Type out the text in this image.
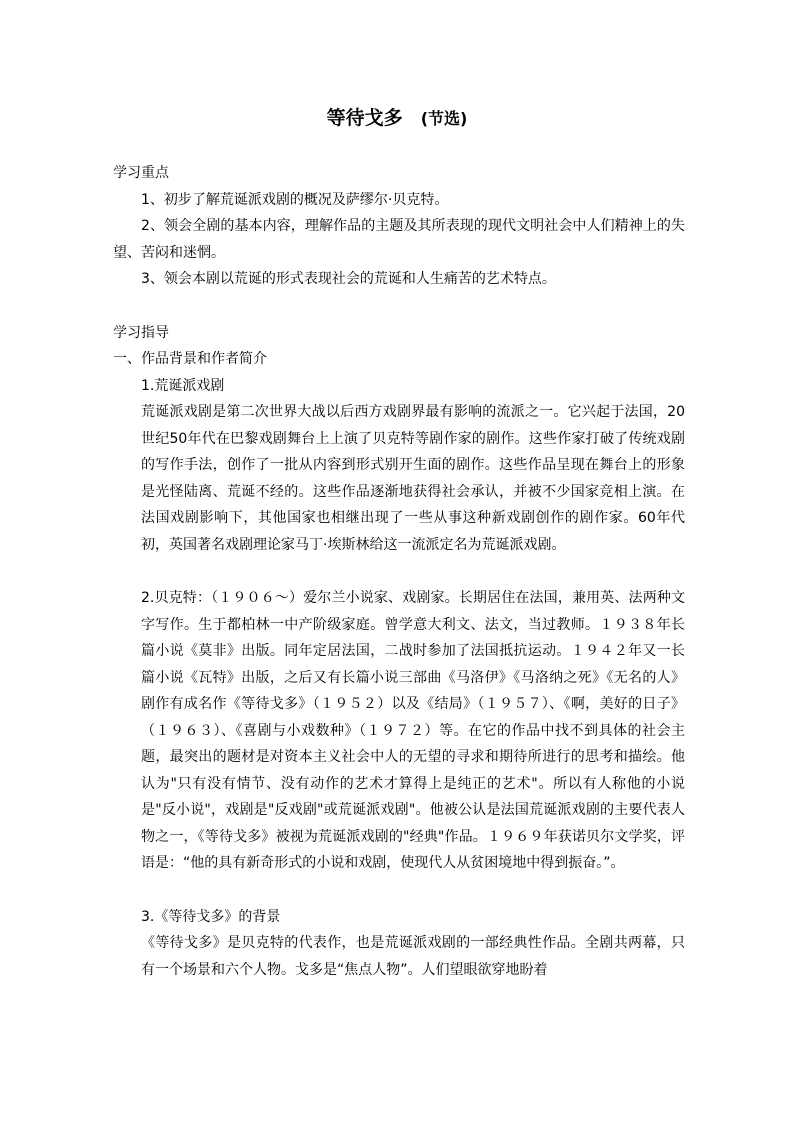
等待戈多 (节选)

学习重点

1、初步了解荒诞派戏剧的概况及萨缪尔·贝克特。

2、领会全剧的基本内容，理解作品的主题及其所表现的现代文明社会中人们精神上的失望、苦闷和迷惘。

3、领会本剧以荒诞的形式表现社会的荒诞和人生痛苦的艺术特点。

学习指导

一、作品背景和作者简介

1.荒诞派戏剧

荒诞派戏剧是第二次世界大战以后西方戏剧界最有影响的流派之一。它兴起于法国，20世纪50年代在巴黎戏剧舞台上上演了贝克特等剧作家的剧作。这些作家打破了传统戏剧的写作手法，创作了一批从内容到形式别开生面的剧作。这些作品呈现在舞台上的形象是光怪陆离、荒诞不经的。这些作品逐渐地获得社会承认，并被不少国家竞相上演。在法国戏剧影响下，其他国家也相继出现了一些从事这种新戏剧创作的剧作家。60年代初，英国著名戏剧理论家马丁·埃斯林给这一流派定名为荒诞派戏剧。

2.贝克特：（１９０６～）爱尔兰小说家、戏剧家。长期居住在法国，兼用英、法两种文字写作。生于都柏林一中产阶级家庭。曾学意大利文、法文，当过教师。１９３８年长篇小说《莫非》出版。同年定居法国，二战时参加了法国抵抗运动。１９４２年又一长篇小说《瓦特》出版，之后又有长篇小说三部曲《马洛伊》《马洛纳之死》《无名的人》剧作有成名作《等待戈多》（１９５２）以及《结局》（１９５７）、《啊，美好的日子》（１９６３）、《喜剧与小戏数种》（１９７２）等。在它的作品中找不到具体的社会主题，最突出的题材是对资本主义社会中人的无望的寻求和期待所进行的思考和描绘。他认为"只有没有情节、没有动作的艺术才算得上是纯正的艺术"。所以有人称他的小说是"反小说"，戏剧是"反戏剧"或荒诞派戏剧"。他被公认是法国荒诞派戏剧的主要代表人物之一，《等待戈多》被视为荒诞派戏剧的"经典"作品。１９６９年获诺贝尔文学奖，评语是：“他的具有新奇形式的小说和戏剧，使现代人从贫困境地中得到振奋。”。

3.《等待戈多》的背景

《等待戈多》是贝克特的代表作，也是荒诞派戏剧的一部经典性作品。全剧共两幕，只有一个场景和六个人物。戈多是“焦点人物”。人们望眼欲穿地盼着
